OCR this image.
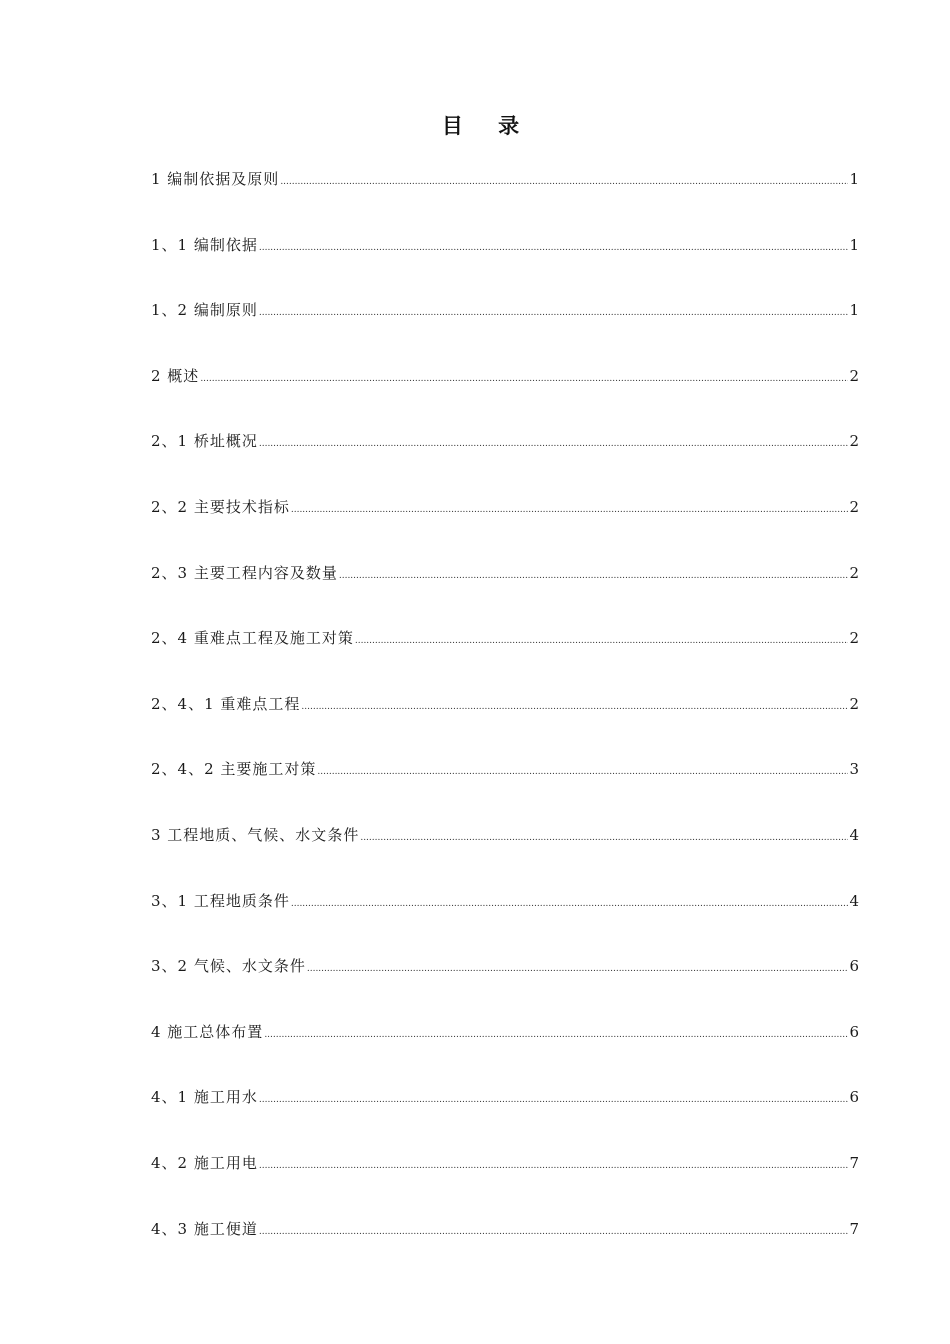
目 录
1 编制依据及原则 .....	1
1、1 编制依据 .....	1
1、2 编制原则 .....	1
2 概述 .....	2
2、1 桥址概况 .....	2
2、2 主要技术指标 .....	2
2、3 主要工程内容及数量 .....	2
2、4 重难点工程及施工对策 .....	2
2、4、1 重难点工程 .....	2
2、4、2 主要施工对策 .....	3
3 工程地质、气候、水文条件 .....	4
3、1 工程地质条件 .....	4
3、2 气候、水文条件 .....	6
4 施工总体布置 .....	6
4、1 施工用水 .....	6
4、2 施工用电 .....	7
4、3 施工便道 .....	7
